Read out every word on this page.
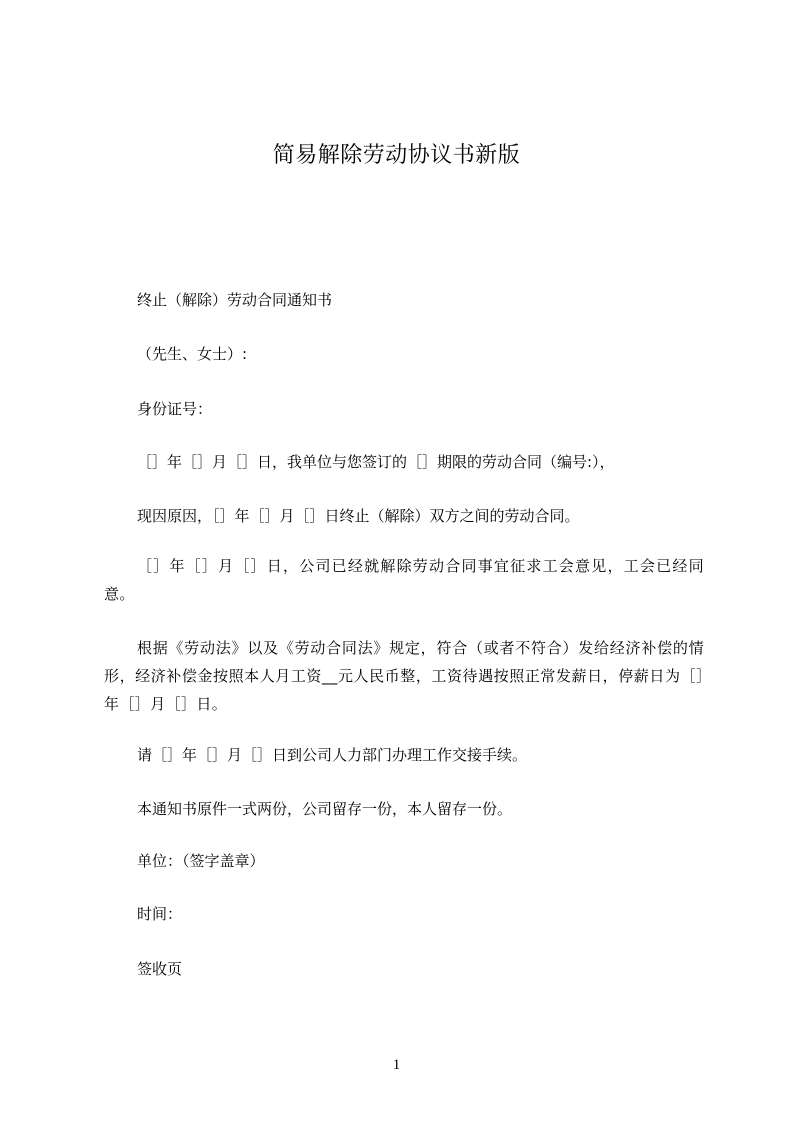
简易解除劳动协议书新版
终止（解除）劳动合同通知书
（先生、女士）:
身份证号：
［］年［］月［］日，我单位与您签订的［］期限的劳动合同（编号:），
现因原因，［］年［］月［］日终止（解除）双方之间的劳动合同。
［］年［］月［］日，公司已经就解除劳动合同事宜征求工会意见，工会已经同意。
根据《劳动法》以及《劳动合同法》规定，符合（或者不符合）发给经济补偿的情形，经济补偿金按照本人月工资__元人民币整，工资待遇按照正常发薪日，停薪日为［］年［］月［］日。
请［］年［］月［］日到公司人力部门办理工作交接手续。
本通知书原件一式两份，公司留存一份，本人留存一份。
单位：（签字盖章）
时间：
签收页
1
